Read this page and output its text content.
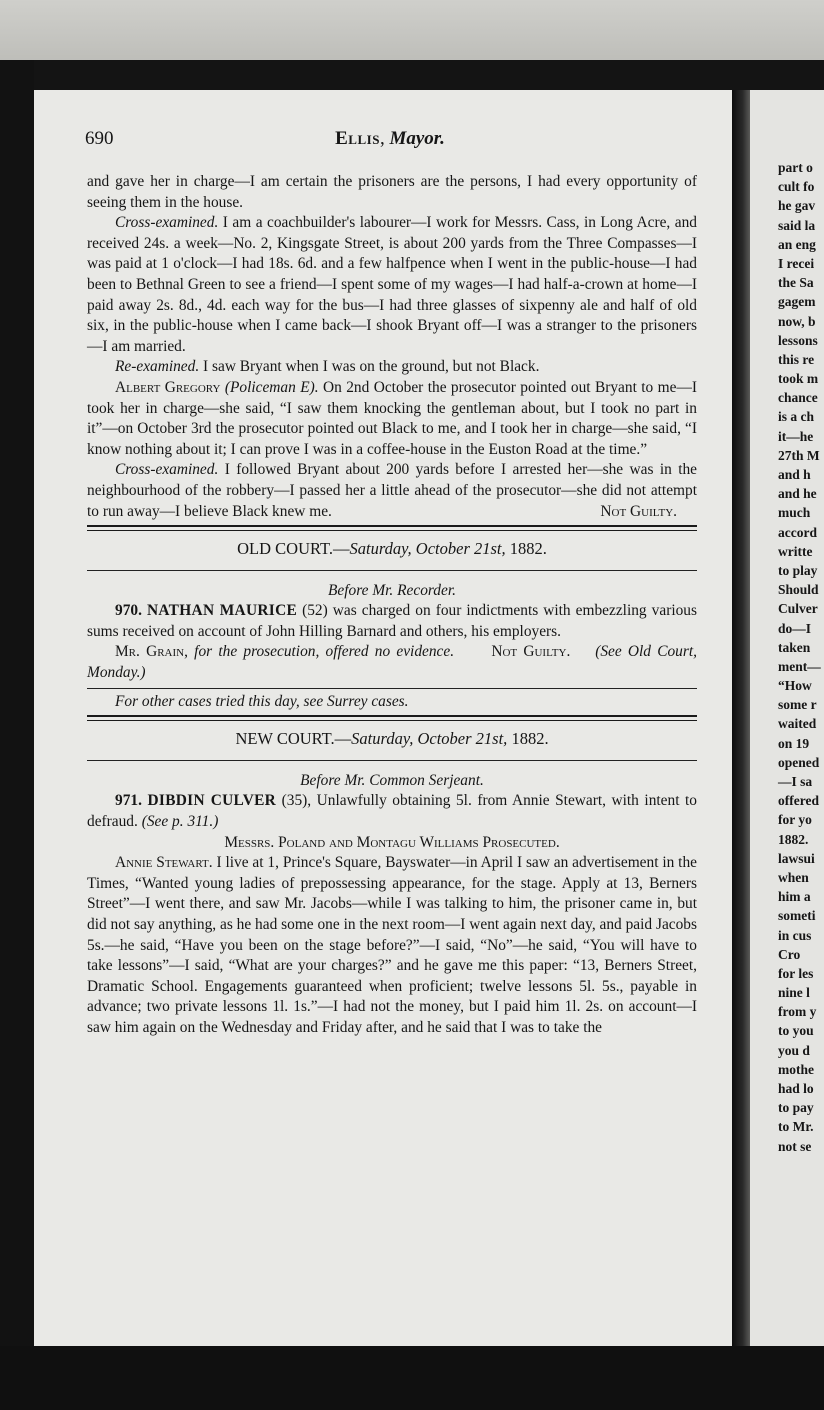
part o
cult fo
he gav
said la
an eng
I recei
the Sa
gagem
now, b
lessons
this re
took m
chance
is a ch
it—he
27th M
and h
and he
much
accord
writte
to play
Should
Culver
do—I
taken
ment—
“How
some r
waited
on 19
opened
—I sa
offered
for yo
1882.
lawsui
when
him a
someti
in cus
Cro
for les
nine l
from y
to you
you d
mothe
had lo
to pay
to Mr.
not se
690	Ellis, Mayor.

and gave her in charge—I am certain the prisoners are the persons, I had every opportunity of seeing them in the house.

Cross-examined. I am a coachbuilder's labourer—I work for Messrs. Cass, in Long Acre, and received 24s. a week—No. 2, Kingsgate Street, is about 200 yards from the Three Compasses—I was paid at 1 o'clock—I had 18s. 6d. and a few halfpence when I went in the public-house—I had been to Bethnal Green to see a friend—I spent some of my wages—I had half-a-crown at home—I paid away 2s. 8d., 4d. each way for the bus—I had three glasses of sixpenny ale and half of old six, in the public-house when I came back—I shook Bryant off—I was a stranger to the prisoners—I am married.

Re-examined. I saw Bryant when I was on the ground, but not Black.

Albert Gregory (Policeman E). On 2nd October the prosecutor pointed out Bryant to me—I took her in charge—she said, “I saw them knocking the gentleman about, but I took no part in it”—on October 3rd the prosecutor pointed out Black to me, and I took her in charge—she said, “I know nothing about it; I can prove I was in a coffee-house in the Euston Road at the time.”

Cross-examined. I followed Bryant about 200 yards before I arrested her—she was in the neighbourhood of the robbery—I passed her a little ahead of the prosecutor—she did not attempt to run away—I believe Black knew me.	Not Guilty.

OLD COURT.—Saturday, October 21st, 1882.

Before Mr. Recorder.

970. NATHAN MAURICE (52) was charged on four indictments with embezzling various sums received on account of John Hilling Barnard and others, his employers.

Mr. Grain, for the prosecution, offered no evidence. Not Guilty. (See Old Court, Monday.)

For other cases tried this day, see Surrey cases.

NEW COURT.—Saturday, October 21st, 1882.

Before Mr. Common Serjeant.

971. DIBDIN CULVER (35), Unlawfully obtaining 5l. from Annie Stewart, with intent to defraud. (See p. 311.)

Messrs. Poland and Montagu Williams Prosecuted.

Annie Stewart. I live at 1, Prince's Square, Bayswater—in April I saw an advertisement in the Times, “Wanted young ladies of prepossessing appearance, for the stage. Apply at 13, Berners Street”—I went there, and saw Mr. Jacobs—while I was talking to him, the prisoner came in, but did not say anything, as he had some one in the next room—I went again next day, and paid Jacobs 5s.—he said, “Have you been on the stage before?”—I said, “No”—he said, “You will have to take lessons”—I said, “What are your charges?” and he gave me this paper: “13, Berners Street, Dramatic School. Engagements guaranteed when proficient; twelve lessons 5l. 5s., payable in advance; two private lessons 1l. 1s.”—I had not the money, but I paid him 1l. 2s. on account—I saw him again on the Wednesday and Friday after, and he said that I was to take the
